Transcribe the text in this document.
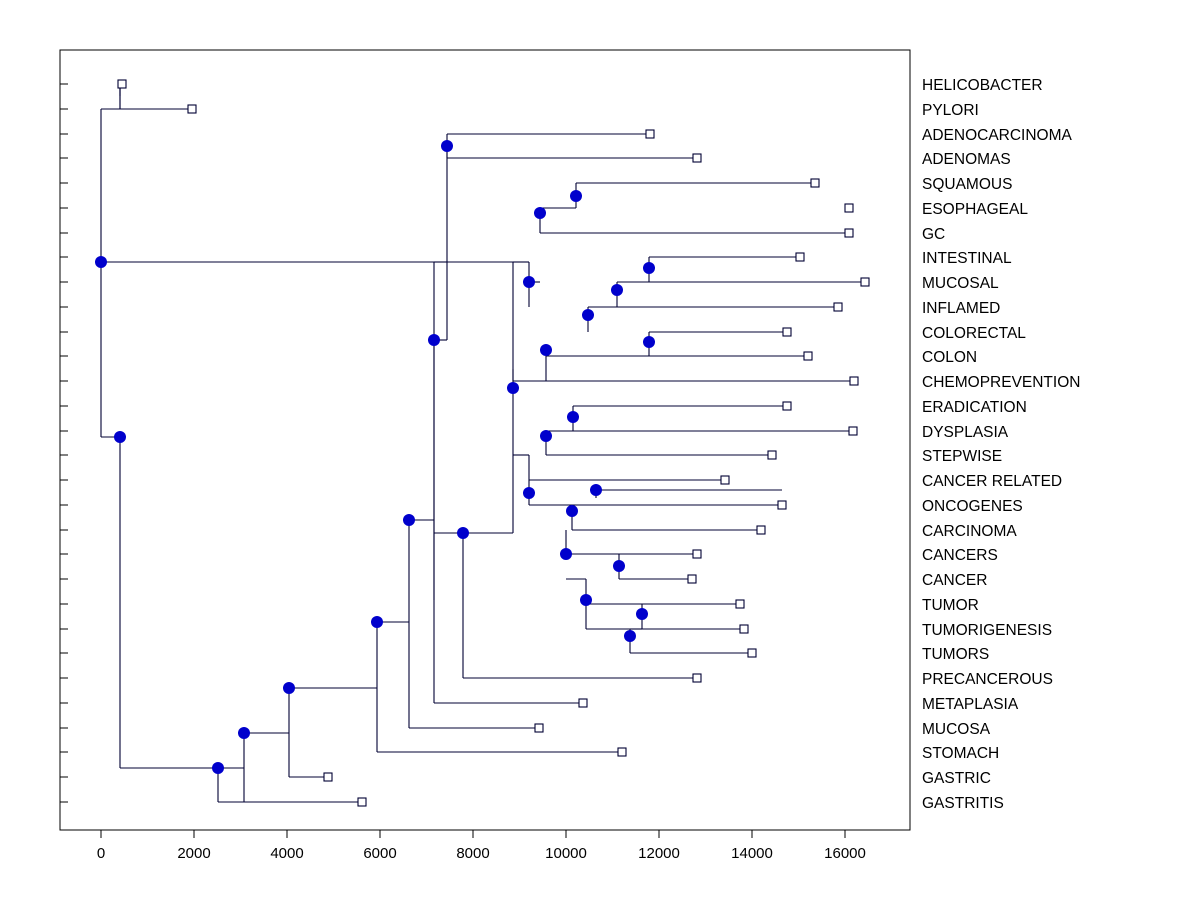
0	2000	4000	6000	8000	10000	12000	14000	16000
HELICOBACTER
PYLORI
ADENOCARCINOMA
ADENOMAS
SQUAMOUS
ESOPHAGEAL
GC
INTESTINAL
MUCOSAL
INFLAMED
COLORECTAL
COLON
CHEMOPREVENTION
ERADICATION
DYSPLASIA
STEPWISE
CANCER RELATED
ONCOGENES
CARCINOMA
CANCERS
CANCER
TUMOR
TUMORIGENESIS
TUMORS
PRECANCEROUS
METAPLASIA
MUCOSA
STOMACH
GASTRIC
GASTRITIS
